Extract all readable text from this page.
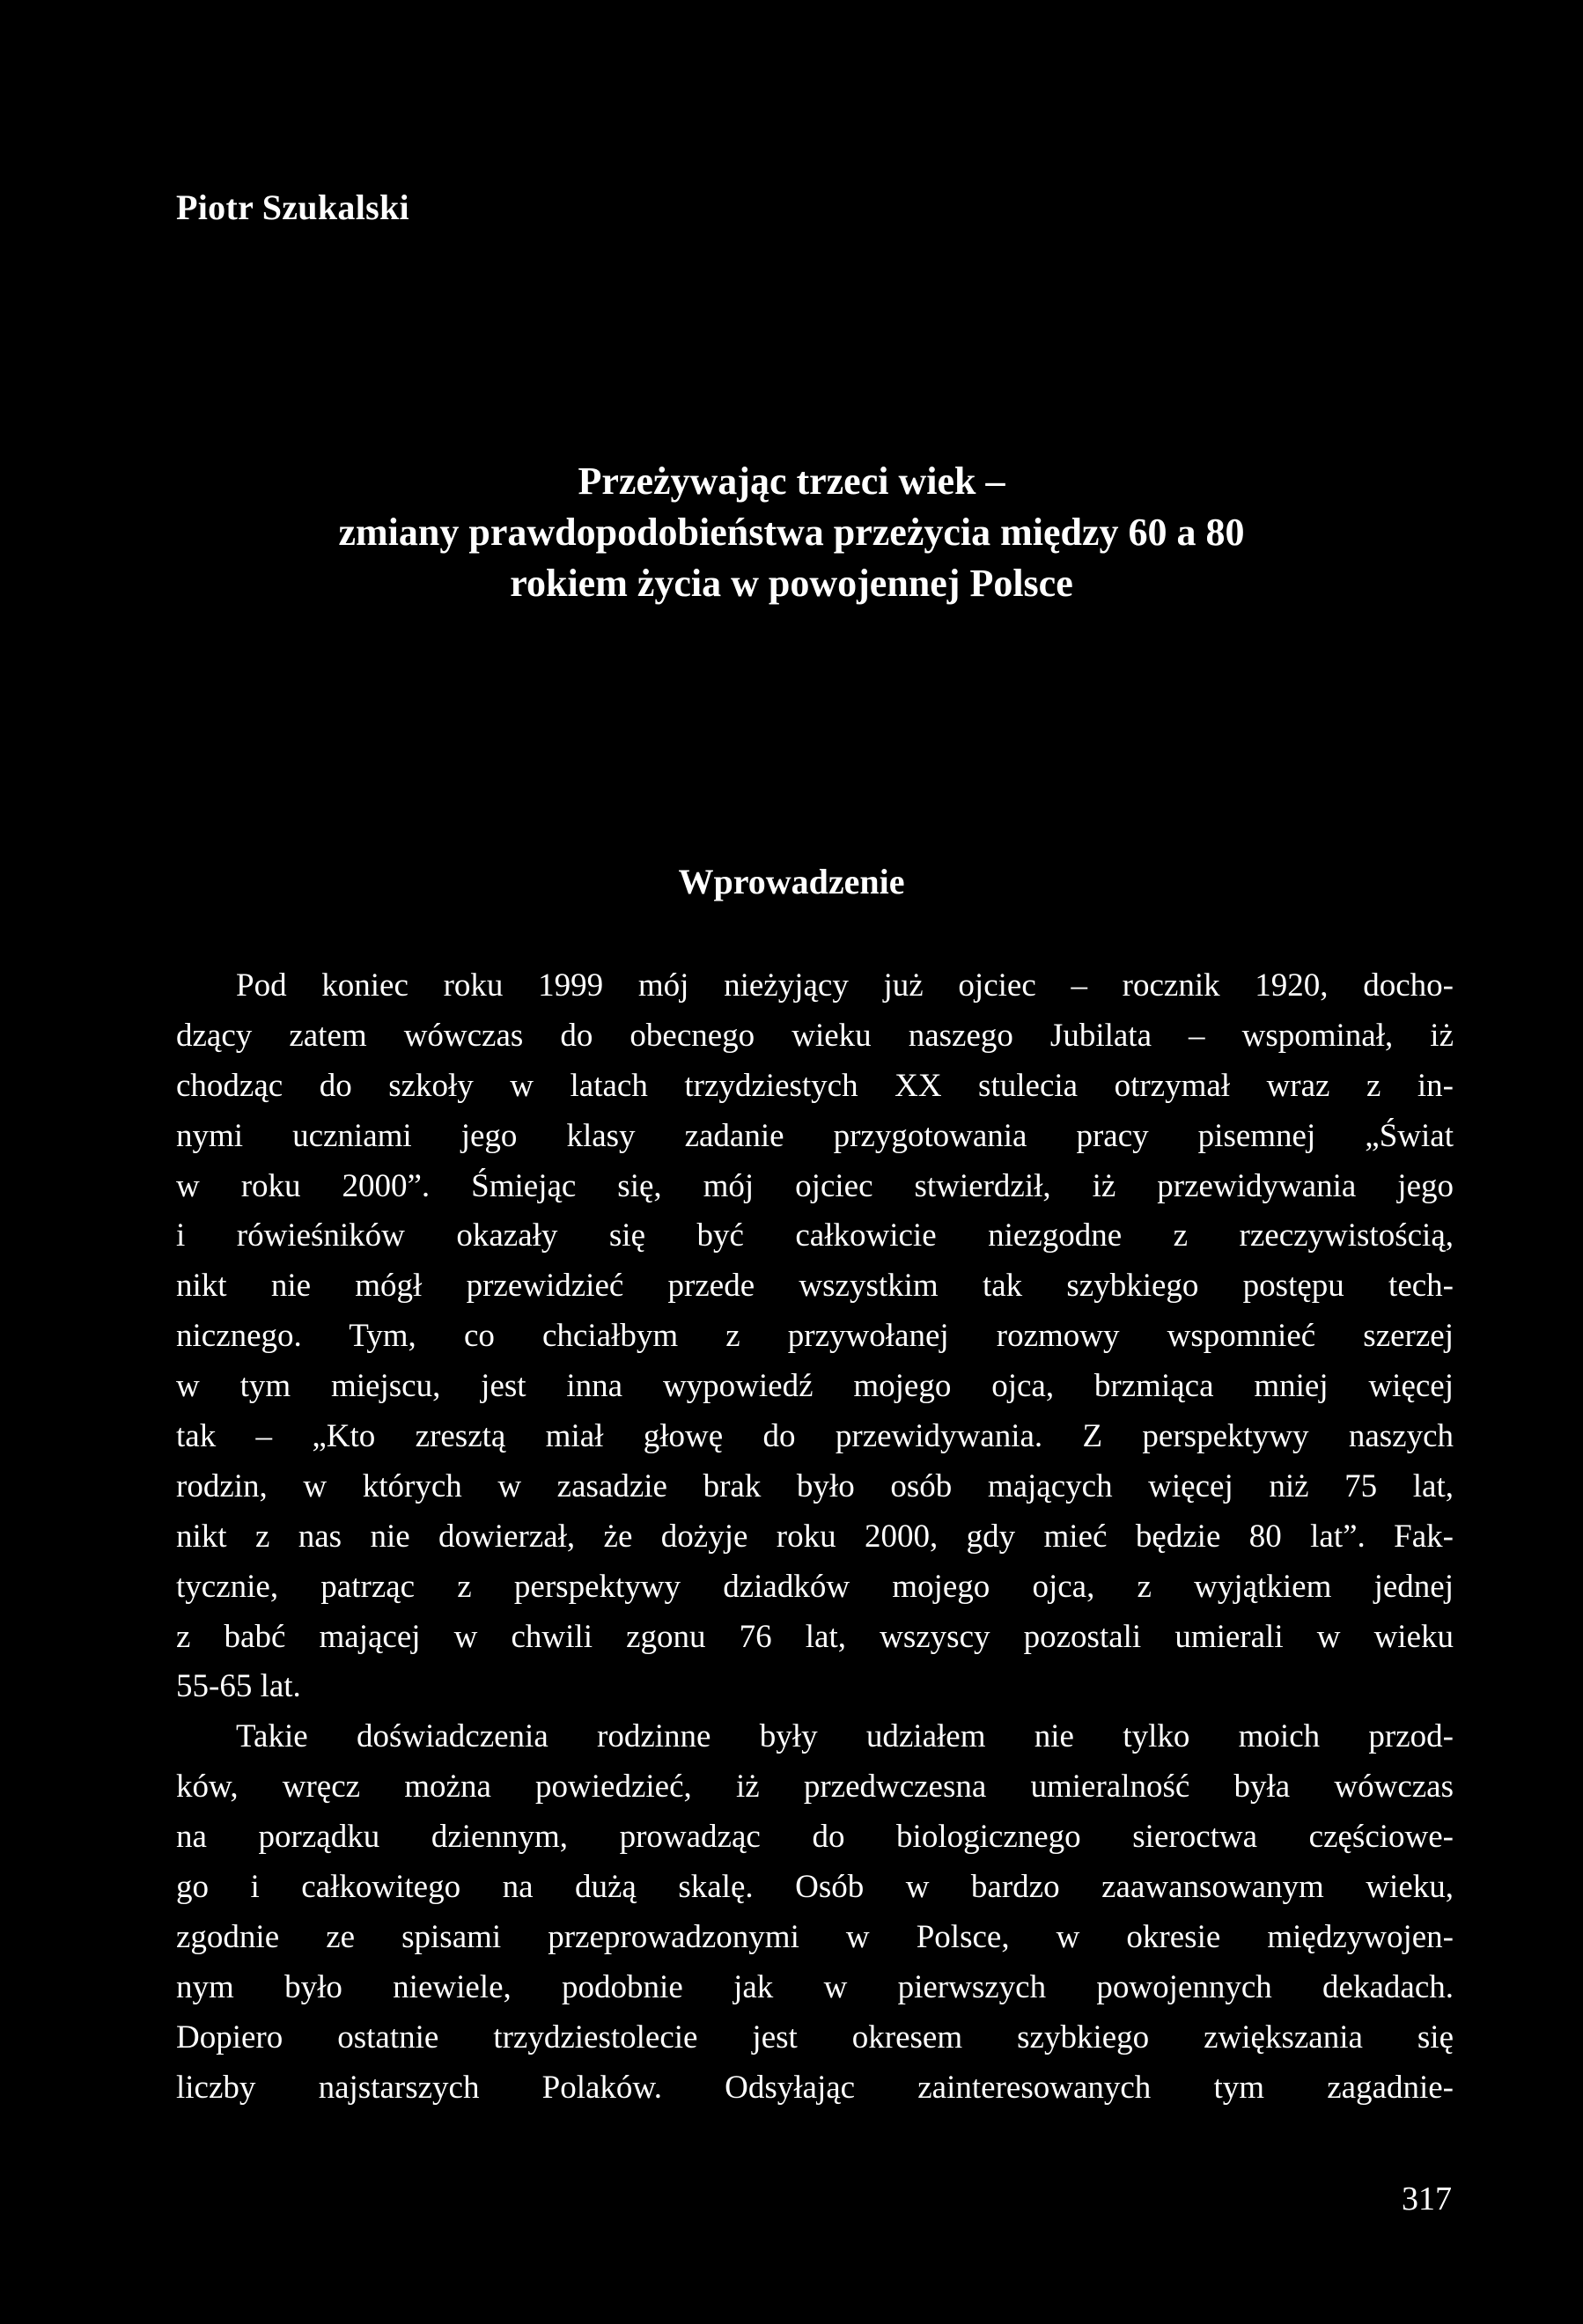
Piotr Szukalski
Przeżywając trzeci wiek –
zmiany prawdopodobieństwa przeżycia między 60 a 80
rokiem życia w powojennej Polsce
Wprowadzenie
Pod koniec roku 1999 mój nieżyjący już ojciec – rocznik 1920, docho-
dzący zatem wówczas do obecnego wieku naszego Jubilata – wspominał, iż
chodząc do szkoły w latach trzydziestych XX stulecia otrzymał wraz z in-
nymi uczniami jego klasy zadanie przygotowania pracy pisemnej „Świat
w roku 2000”. Śmiejąc się, mój ojciec stwierdził, iż przewidywania jego
i rówieśników okazały się być całkowicie niezgodne z rzeczywistością,
nikt nie mógł przewidzieć przede wszystkim tak szybkiego postępu tech-
nicznego. Tym, co chciałbym z przywołanej rozmowy wspomnieć szerzej
w tym miejscu, jest inna wypowiedź mojego ojca, brzmiąca mniej więcej
tak – „Kto zresztą miał głowę do przewidywania. Z perspektywy naszych
rodzin, w których w zasadzie brak było osób mających więcej niż 75 lat,
nikt z nas nie dowierzał, że dożyje roku 2000, gdy mieć będzie 80 lat”. Fak-
tycznie, patrząc z perspektywy dziadków mojego ojca, z wyjątkiem jednej
z babć mającej w chwili zgonu 76 lat, wszyscy pozostali umierali w wieku
55-65 lat.
Takie doświadczenia rodzinne były udziałem nie tylko moich przod-
ków, wręcz można powiedzieć, iż przedwczesna umieralność była wówczas
na porządku dziennym, prowadząc do biologicznego sieroctwa częściowe-
go i całkowitego na dużą skalę. Osób w bardzo zaawansowanym wieku,
zgodnie ze spisami przeprowadzonymi w Polsce, w okresie międzywojen-
nym było niewiele, podobnie jak w pierwszych powojennych dekadach.
Dopiero ostatnie trzydziestolecie jest okresem szybkiego zwiększania się
liczby najstarszych Polaków. Odsyłając zainteresowanych tym zagadnie-
317
